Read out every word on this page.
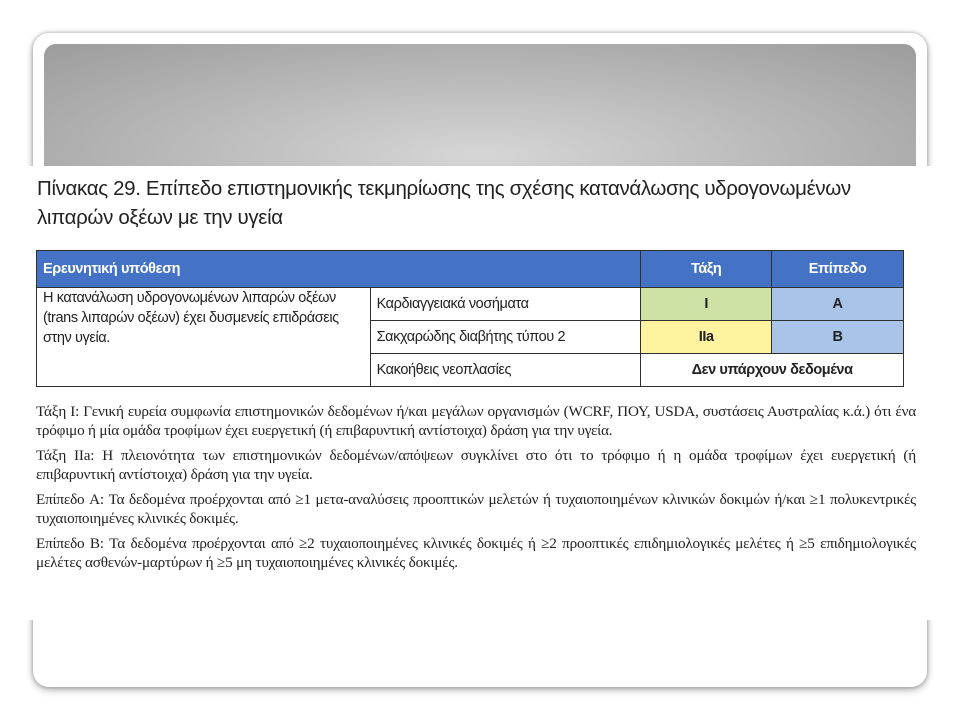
Πίνακας 29. Επίπεδο επιστημονικής τεκμηρίωσης της σχέσης κατανάλωσης υδρογονωμένων λιπαρών οξέων με την υγεία
Ερευνητική υπόθεση		Τάξη	Επίπεδο
Η κατανάλωση υδρογονωμένων λιπαρών οξέων (trans λιπαρών οξέων) έχει δυσμενείς επιδράσεις στην υγεία.	Καρδιαγγειακά νοσήματα	I	A
	Σακχαρώδης διαβήτης τύπου 2	IIa	B
	Κακοήθεις νεοπλασίες	Δεν υπάρχουν δεδομένα	

Τάξη I: Γενική ευρεία συμφωνία επιστημονικών δεδομένων ή/και μεγάλων οργανισμών (WCRF, ΠΟΥ, USDA, συστάσεις Αυστραλίας κ.ά.) ότι ένα τρόφιμο ή μία ομάδα τροφίμων έχει ευεργετική (ή επιβαρυντική αντίστοιχα) δράση για την υγεία.

Τάξη IIa: Η πλειονότητα των επιστημονικών δεδομένων/απόψεων συγκλίνει στο ότι το τρόφιμο ή η ομάδα τροφίμων έχει ευεργετική (ή επιβαρυντική αντίστοιχα) δράση για την υγεία.

Επίπεδο A: Τα δεδομένα προέρχονται από ≥1 μετα-αναλύσεις προοπτικών μελετών ή τυχαιοποιημένων κλινικών δοκιμών ή/και ≥1 πολυκεντρικές τυχαιοποιημένες κλινικές δοκιμές.

Επίπεδο B: Τα δεδομένα προέρχονται από ≥2 τυχαιοποιημένες κλινικές δοκιμές ή ≥2 προοπτικές επιδημιολογικές μελέτες ή ≥5 επιδημιολογικές μελέτες ασθενών-μαρτύρων ή ≥5 μη τυχαιοποιημένες κλινικές δοκιμές.
